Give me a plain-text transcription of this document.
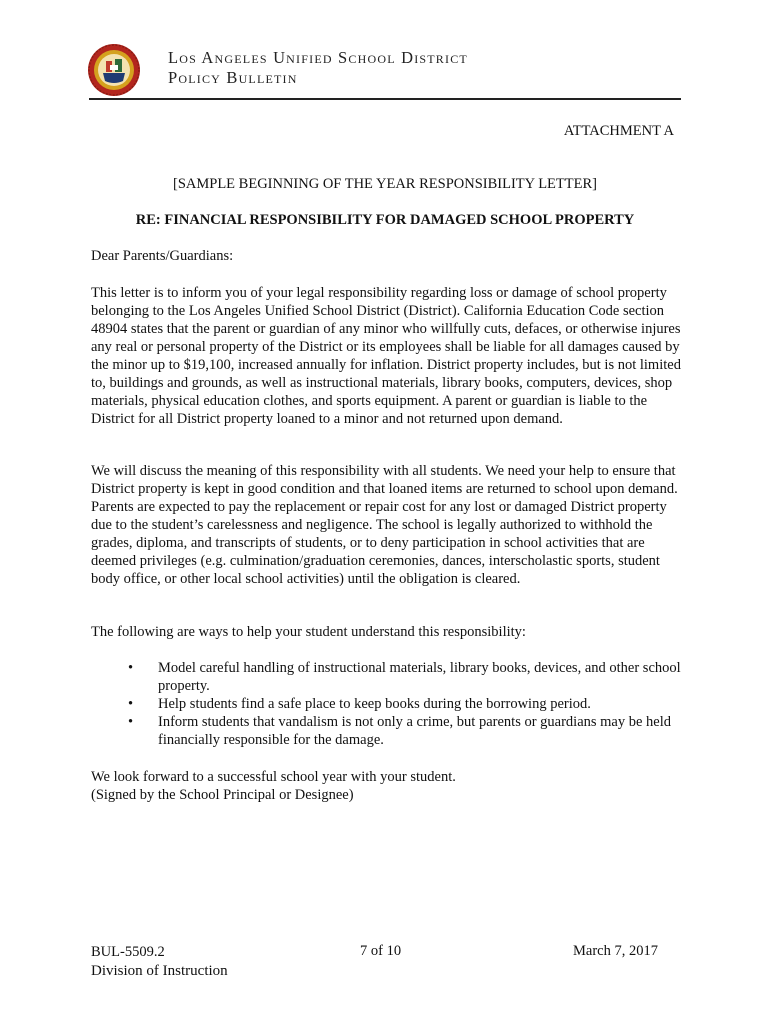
Los Angeles Unified School District
Policy Bulletin
ATTACHMENT A
[SAMPLE BEGINNING OF THE YEAR RESPONSIBILITY LETTER]
RE: FINANCIAL RESPONSIBILITY FOR DAMAGED SCHOOL PROPERTY

Dear Parents/Guardians:

This letter is to inform you of your legal responsibility regarding loss or damage of school property belonging to the Los Angeles Unified School District (District). California Education Code section 48904 states that the parent or guardian of any minor who willfully cuts, defaces, or otherwise injures any real or personal property of the District or its employees shall be liable for all damages caused by the minor up to $19,100, increased annually for inflation. District property includes, but is not limited to, buildings and grounds, as well as instructional materials, library books, computers, devices, shop materials, physical education clothes, and sports equipment. A parent or guardian is liable to the District for all District property loaned to a minor and not returned upon demand.

We will discuss the meaning of this responsibility with all students. We need your help to ensure that District property is kept in good condition and that loaned items are returned to school upon demand. Parents are expected to pay the replacement or repair cost for any lost or damaged District property due to the student’s carelessness and negligence. The school is legally authorized to withhold the grades, diploma, and transcripts of students, or to deny participation in school activities that are deemed privileges (e.g. culmination/graduation ceremonies, dances, interscholastic sports, student body office, or other local school activities) until the obligation is cleared.

The following are ways to help your student understand this responsibility:

• Model careful handling of instructional materials, library books, devices, and other school property.
• Help students find a safe place to keep books during the borrowing period.
• Inform students that vandalism is not only a crime, but parents or guardians may be held financially responsible for the damage.
We look forward to a successful school year with your student.
(Signed by the School Principal or Designee)
BUL-5509.2
Division of Instruction
7 of 10	March 7, 2017
